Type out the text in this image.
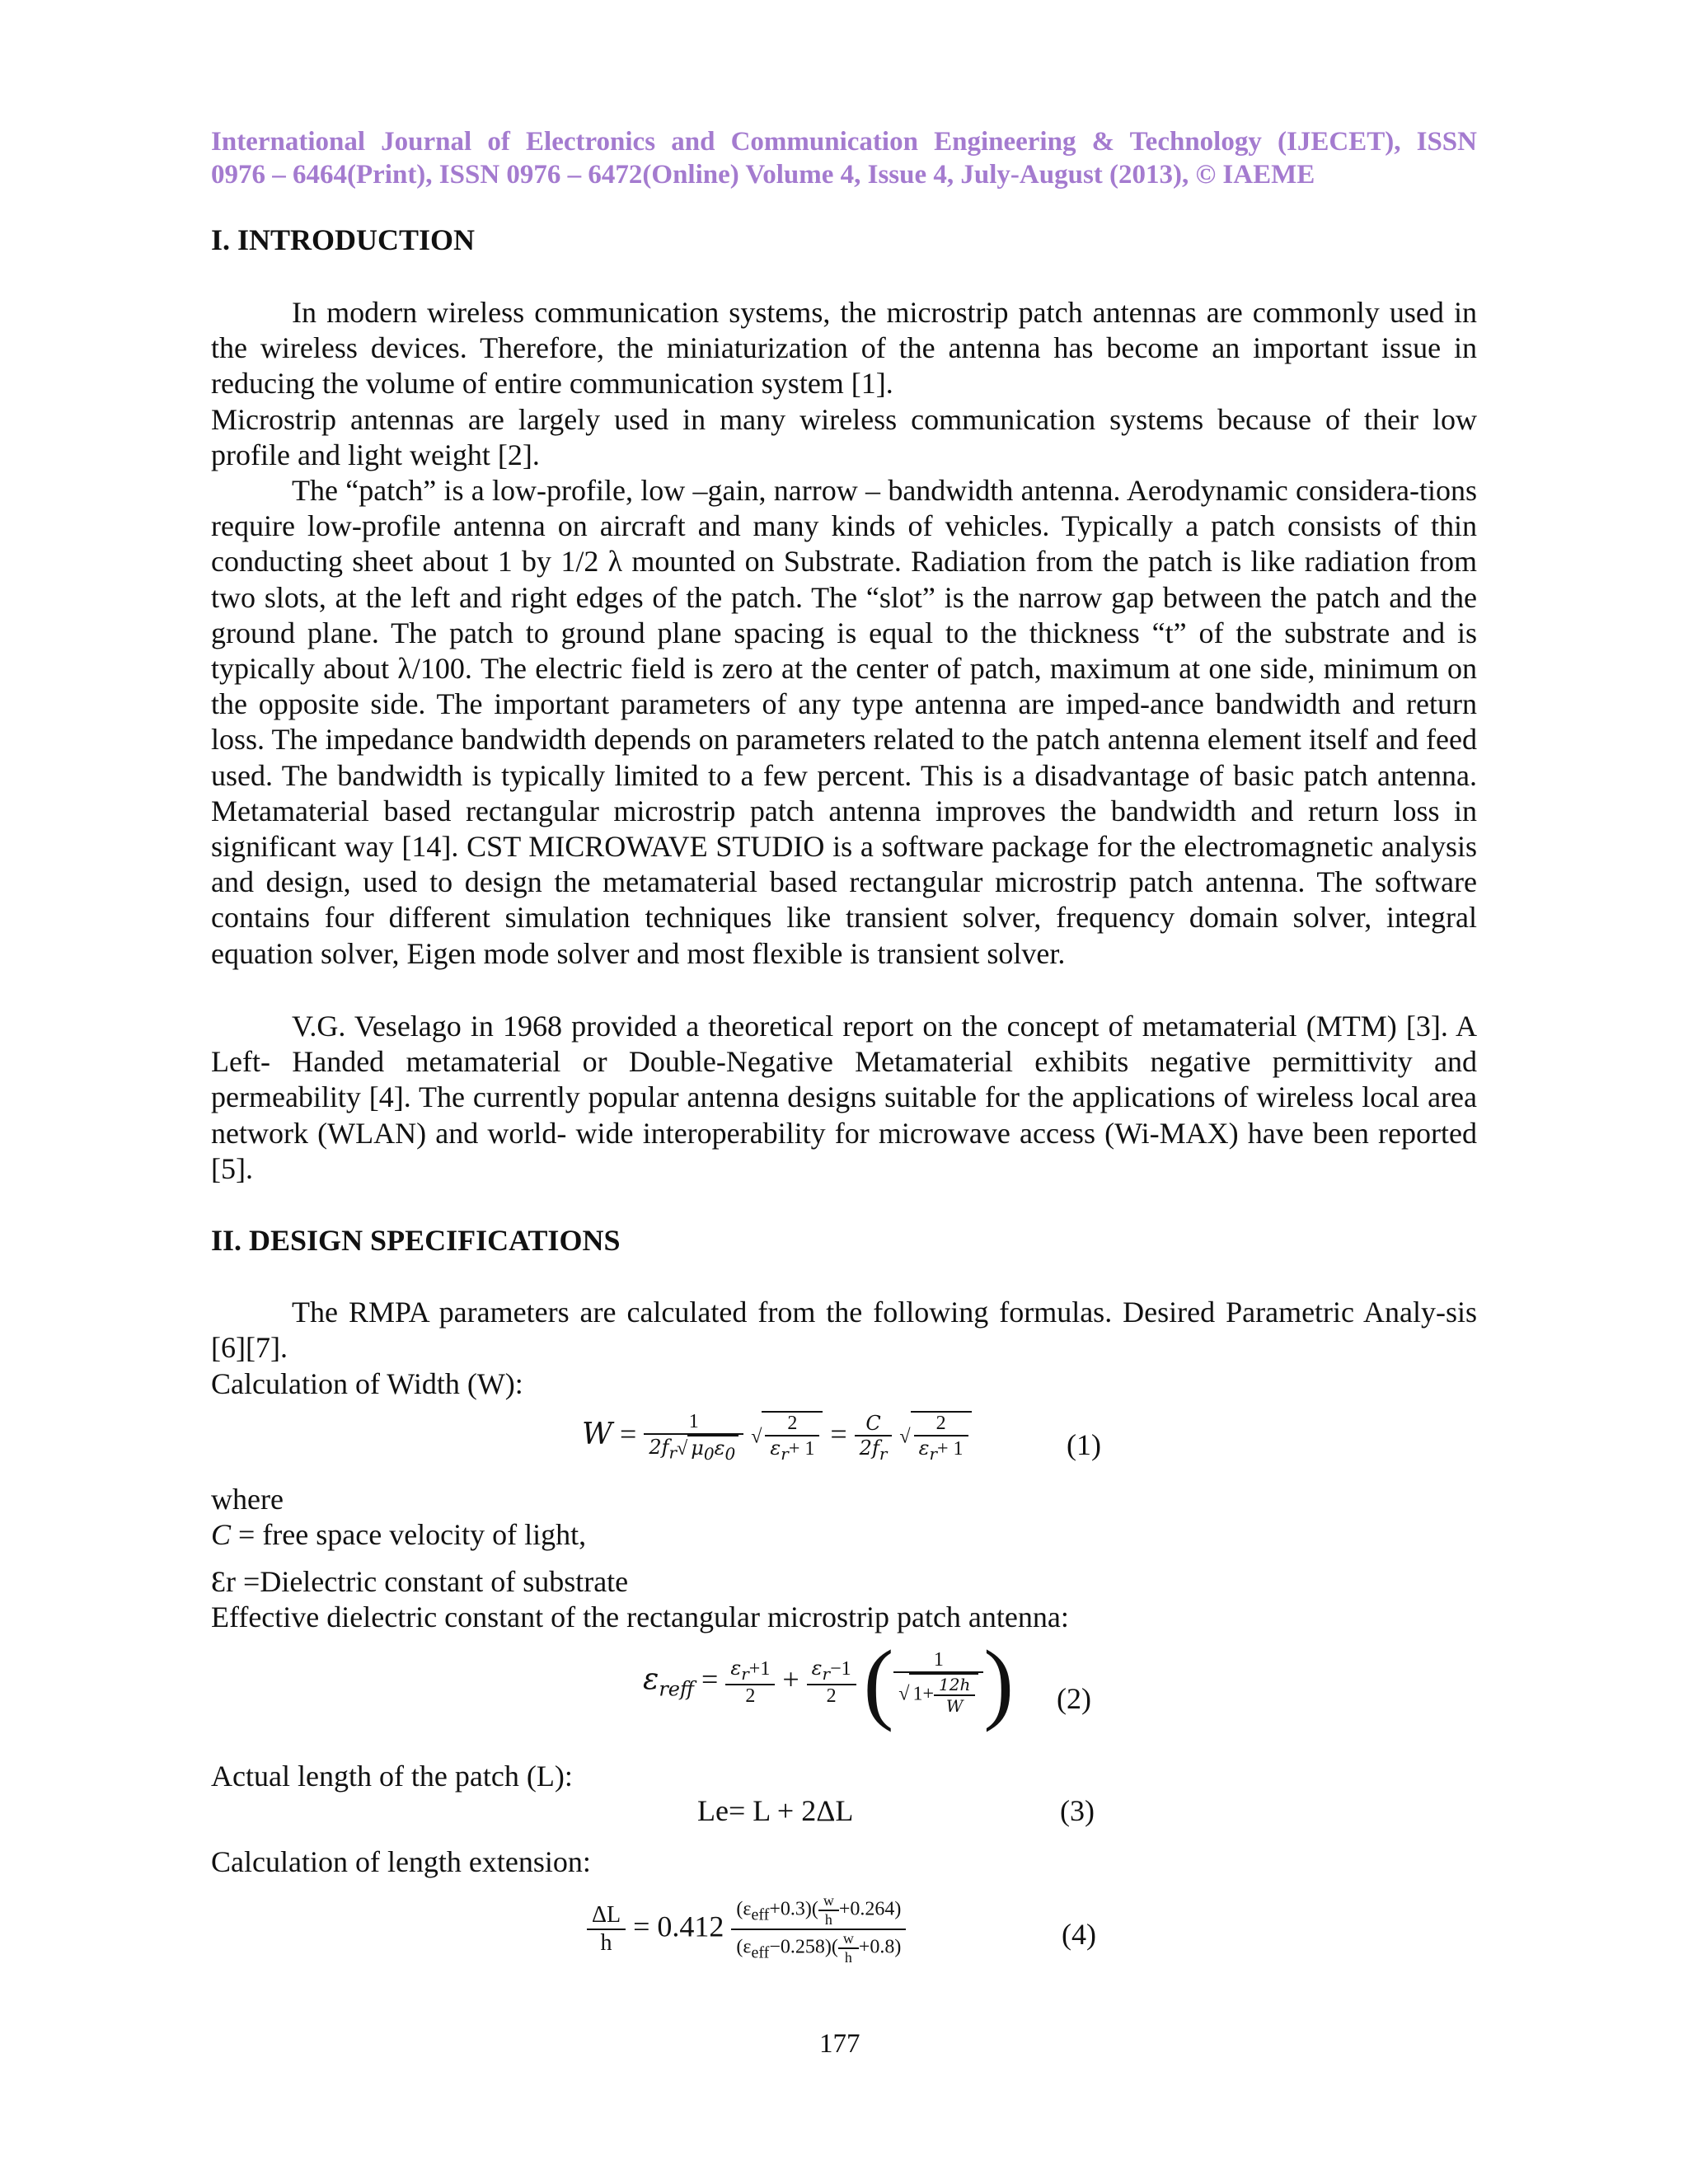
International Journal of Electronics and Communication Engineering & Technology (IJECET), ISSN

0976 – 6464(Print), ISSN 0976 – 6472(Online) Volume 4, Issue 4, July-August (2013), © IAEME

I. INTRODUCTION

In modern wireless communication systems, the microstrip patch antennas are commonly used in the wireless devices. Therefore, the miniaturization of the antenna has become an important issue in reducing the volume of entire communication system [1].

Microstrip antennas are largely used in many wireless communication systems because of their low profile and light weight [2].

The “patch” is a low-profile, low –gain, narrow – bandwidth antenna. Aerodynamic considera-tions require low-profile antenna on aircraft and many kinds of vehicles. Typically a patch consists of thin conducting sheet about 1 by 1/2 λ mounted on Substrate. Radiation from the patch is like radiation from two slots, at the left and right edges of the patch. The “slot” is the narrow gap between the patch and the ground plane. The patch to ground plane spacing is equal to the thickness “t” of the substrate and is typically about λ/100. The electric field is zero at the center of patch, maximum at one side, minimum on the opposite side. The important parameters of any type antenna are imped-ance bandwidth and return loss. The impedance bandwidth depends on parameters related to the patch antenna element itself and feed used. The bandwidth is typically limited to a few percent. This is a disadvantage of basic patch antenna. Metamaterial based rectangular microstrip patch antenna improves the bandwidth and return loss in significant way [14]. CST MICROWAVE STUDIO is a software package for the electromagnetic analysis and design, used to design the metamaterial based rectangular microstrip patch antenna. The software contains four different simulation techniques like transient solver, frequency domain solver, integral equation solver, Eigen mode solver and most flexible is transient solver.

V.G. Veselago in 1968 provided a theoretical report on the concept of metamaterial (MTM) [3]. A Left- Handed metamaterial or Double-Negative Metamaterial exhibits negative permittivity and permeability [4]. The currently popular antenna designs suitable for the applications of wireless local area network (WLAN) and world- wide interoperability for microwave access (Wi-MAX) have been reported [5].

II. DESIGN SPECIFICATIONS

The RMPA parameters are calculated from the following formulas. Desired Parametric Analy-sis [6][7].

Calculation of Width (W):

$W = \frac{1}{2f_r√ \mu_0\varepsilon_0}$ √ $\frac{2}{\varepsilon_r+ 1} = \frac{C}{2f_r}$ √ $\frac{2}{\varepsilon_r+ 1}$	(1)

where

C = free space velocity of light,

Ɛr =Dielectric constant of substrate

Effective dielectric constant of the rectangular microstrip patch antenna:

$\varepsilon_{reff} = \frac{\varepsilon_r+1}{2} + \frac{\varepsilon_r-1}{2}$ ( $\frac{1}{√ 1+ \frac{12h}{W}}$ ) (2)

Actual length of the patch (L):

Le= L + 2ΔL	(3)

Calculation of length extension:

$\frac{\Delta L}{h} = 0.412 \frac{(\varepsilon_{eff}+0.3)( \frac{w}{h} +0.264)}{(\varepsilon_{eff}-0.258)( \frac{w}{h} +0.8)}$	(4)
177
